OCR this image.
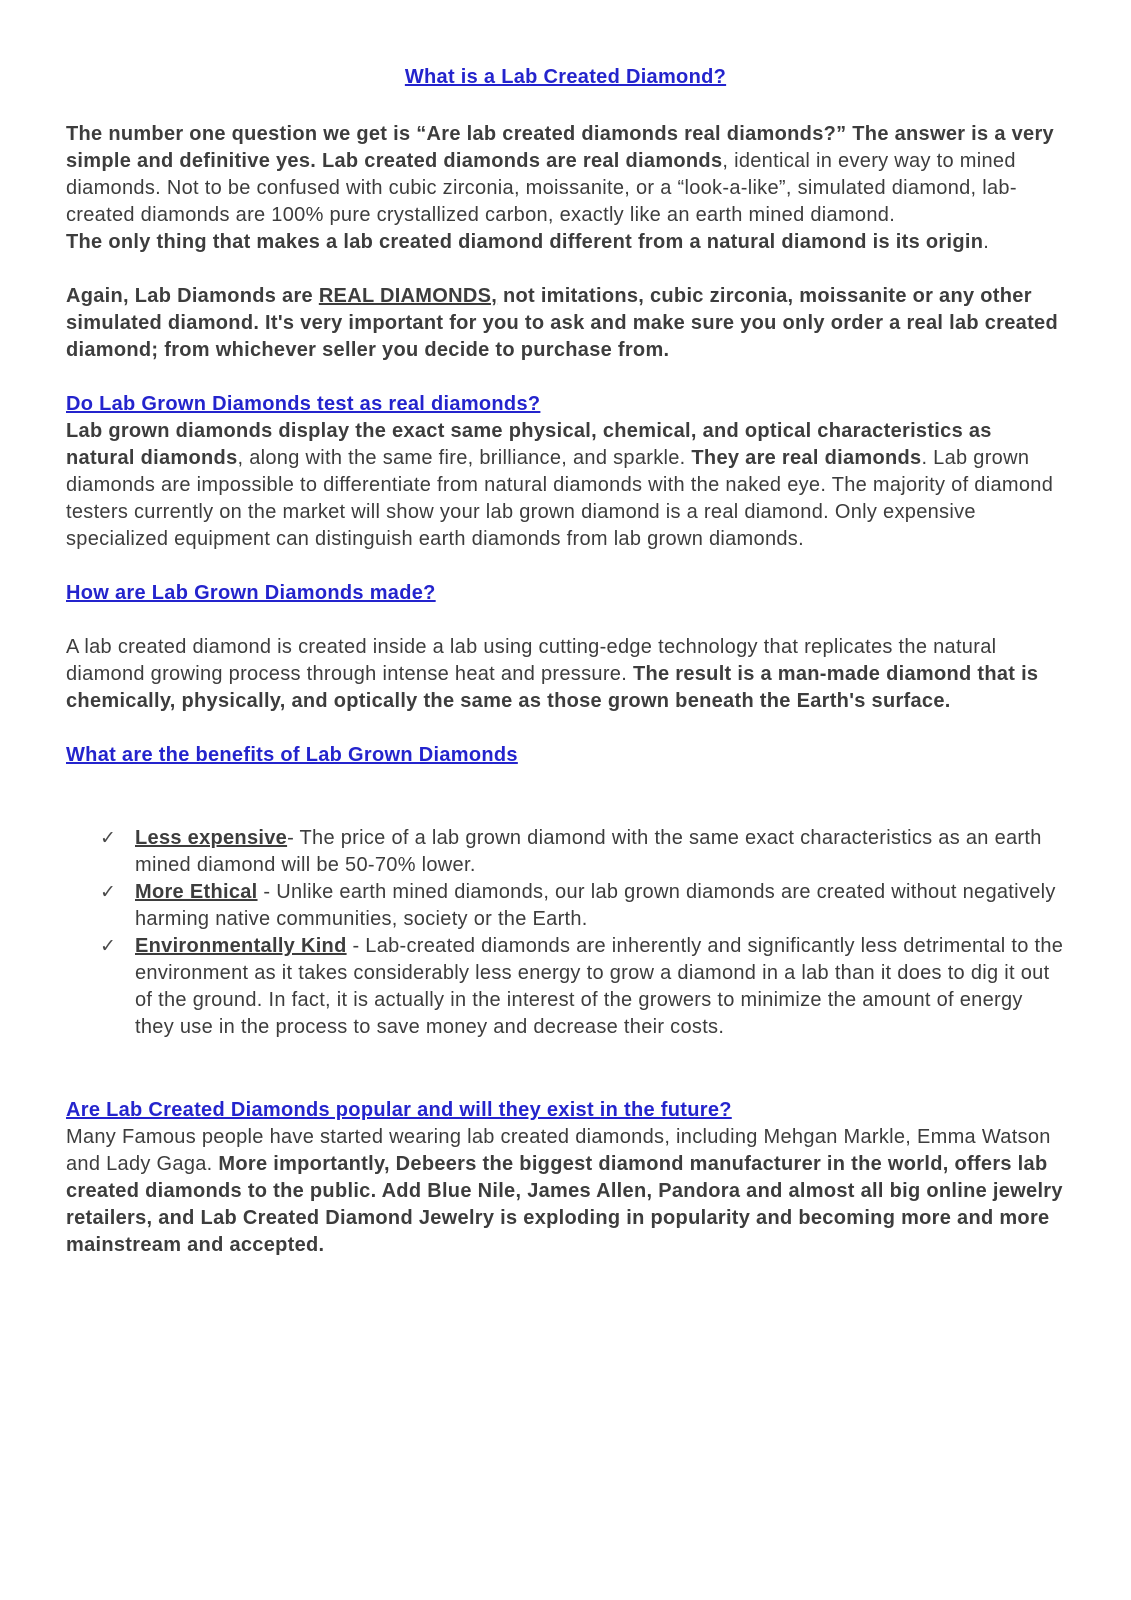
What is a Lab Created Diamond?

The number one question we get is “Are lab created diamonds real diamonds?” The answer is a very simple and definitive yes. Lab created diamonds are real diamonds, identical in every way to mined diamonds. Not to be confused with cubic zirconia, moissanite, or a “look-a-like”, simulated diamond, lab-created diamonds are 100% pure crystallized carbon, exactly like an earth mined diamond.

The only thing that makes a lab created diamond different from a natural diamond is its origin.

Again, Lab Diamonds are REAL DIAMONDS, not imitations, cubic zirconia, moissanite or any other simulated diamond. It's very important for you to ask and make sure you only order a real lab created diamond; from whichever seller you decide to purchase from.

Do Lab Grown Diamonds test as real diamonds?

Lab grown diamonds display the exact same physical, chemical, and optical characteristics as natural diamonds, along with the same fire, brilliance, and sparkle. They are real diamonds. Lab grown diamonds are impossible to differentiate from natural diamonds with the naked eye. The majority of diamond testers currently on the market will show your lab grown diamond is a real diamond. Only expensive specialized equipment can distinguish earth diamonds from lab grown diamonds.

How are Lab Grown Diamonds made?

A lab created diamond is created inside a lab using cutting-edge technology that replicates the natural diamond growing process through intense heat and pressure. The result is a man-made diamond that is chemically, physically, and optically the same as those grown beneath the Earth's surface.

What are the benefits of Lab Grown Diamonds
✓ Less expensive- The price of a lab grown diamond with the same exact characteristics as an earth mined diamond will be 50-70% lower.
✓ More Ethical - Unlike earth mined diamonds, our lab grown diamonds are created without negatively harming native communities, society or the Earth.
✓ Environmentally Kind - Lab-created diamonds are inherently and significantly less detrimental to the environment as it takes considerably less energy to grow a diamond in a lab than it does to dig it out of the ground. In fact, it is actually in the interest of the growers to minimize the amount of energy they use in the process to save money and decrease their costs.
Are Lab Created Diamonds popular and will they exist in the future?

Many Famous people have started wearing lab created diamonds, including Mehgan Markle, Emma Watson and Lady Gaga. More importantly, Debeers the biggest diamond manufacturer in the world, offers lab created diamonds to the public. Add Blue Nile, James Allen, Pandora and almost all big online jewelry retailers, and Lab Created Diamond Jewelry is exploding in popularity and becoming more and more mainstream and accepted.
